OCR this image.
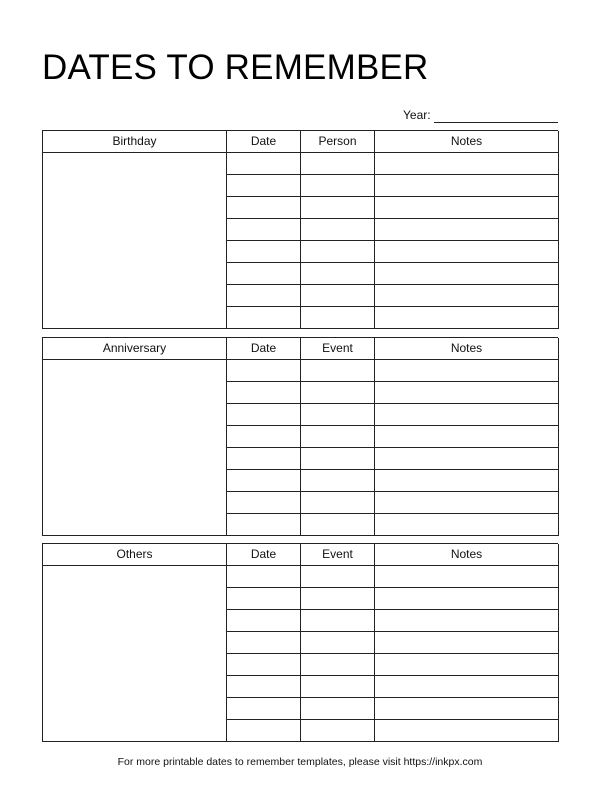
DATES TO REMEMBER
Year:
Birthday	Date	Person	Notes
Anniversary	Date	Event	Notes
Others	Date	Event	Notes
For more printable dates to remember templates, please visit https://inkpx.com
